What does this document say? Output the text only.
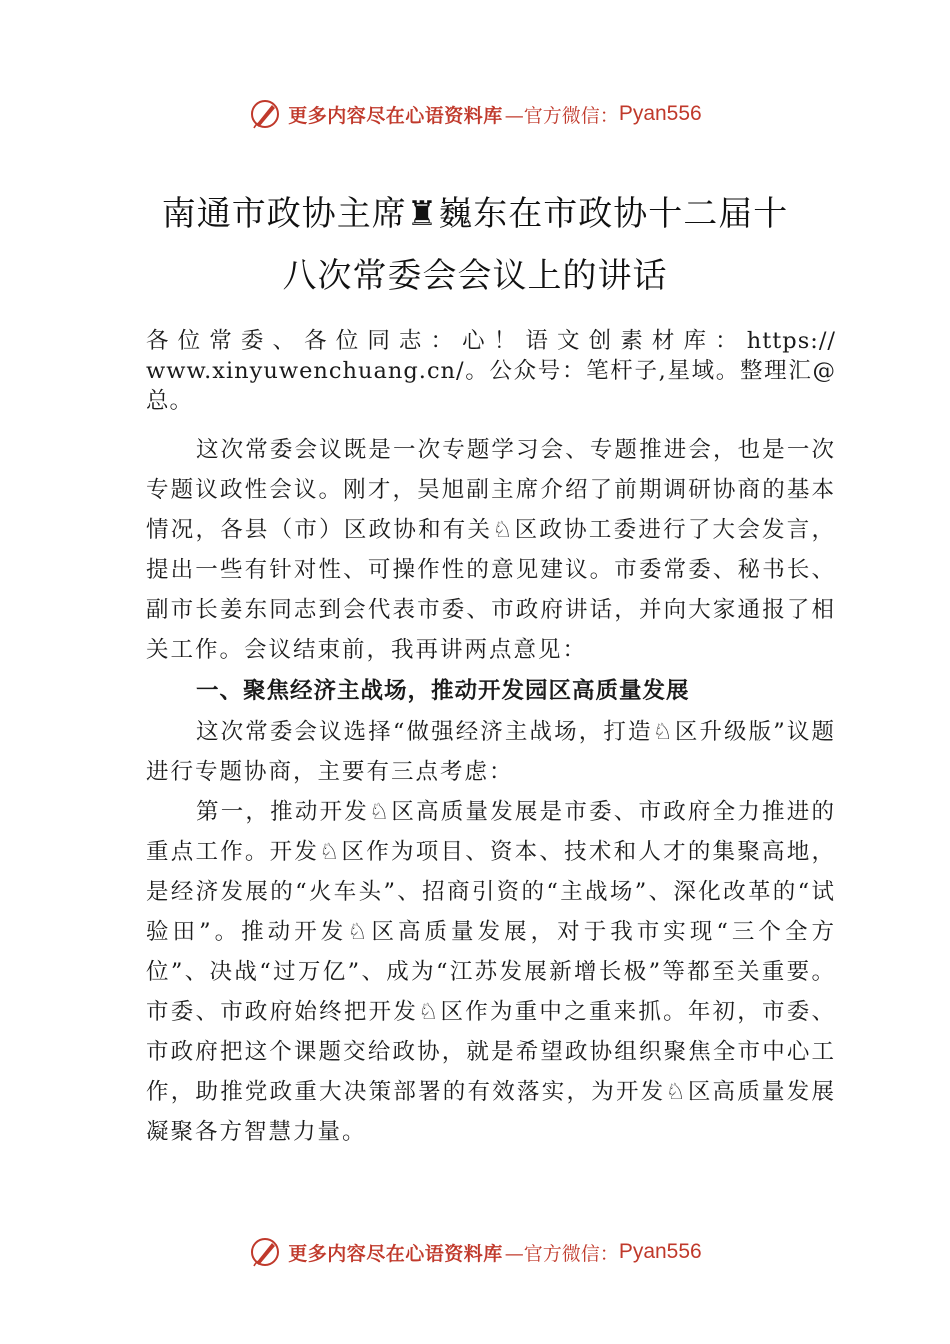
更多内容尽在心语资料库 —官方微信： Pyan556
南通市政协主席♜巍东在市政协十二届十
八次常委会会议上的讲话

各位常委、各位同志：心！语文创素材库：https:// www.xinyuwenchuang.cn/。公众号：笔杆子,星域。整理汇@总。

这次常委会议既是一次专题学习会、专题推进会，也是一次专题议政性会议。刚才，吴旭副主席介绍了前期调研协商的基本情况，各县（市）区政协和有关♘区政协工委进行了大会发言，提出一些有针对性、可操作性的意见建议。市委常委、秘书长、副市长姜东同志到会代表市委、市政府讲话，并向大家通报了相关工作。会议结束前，我再讲两点意见：

一、聚焦经济主战场，推动开发园区高质量发展

这次常委会议选择“做强经济主战场，打造♘区升级版”议题进行专题协商，主要有三点考虑：

第一，推动开发♘区高质量发展是市委、市政府全力推进的重点工作。开发♘区作为项目、资本、技术和人才的集聚高地，是经济发展的“火车头”、招商引资的“主战场”、深化改革的“试验田”。推动开发♘区高质量发展，对于我市实现“三个全方位”、决战“过万亿”、成为“江苏发展新增长极”等都至关重要。市委、市政府始终把开发♘区作为重中之重来抓。年初，市委、市政府把这个课题交给政协，就是希望政协组织聚焦全市中心工作，助推党政重大决策部署的有效落实，为开发♘区高质量发展凝聚各方智慧力量。

更多内容尽在心语资料库 —官方微信： Pyan556
